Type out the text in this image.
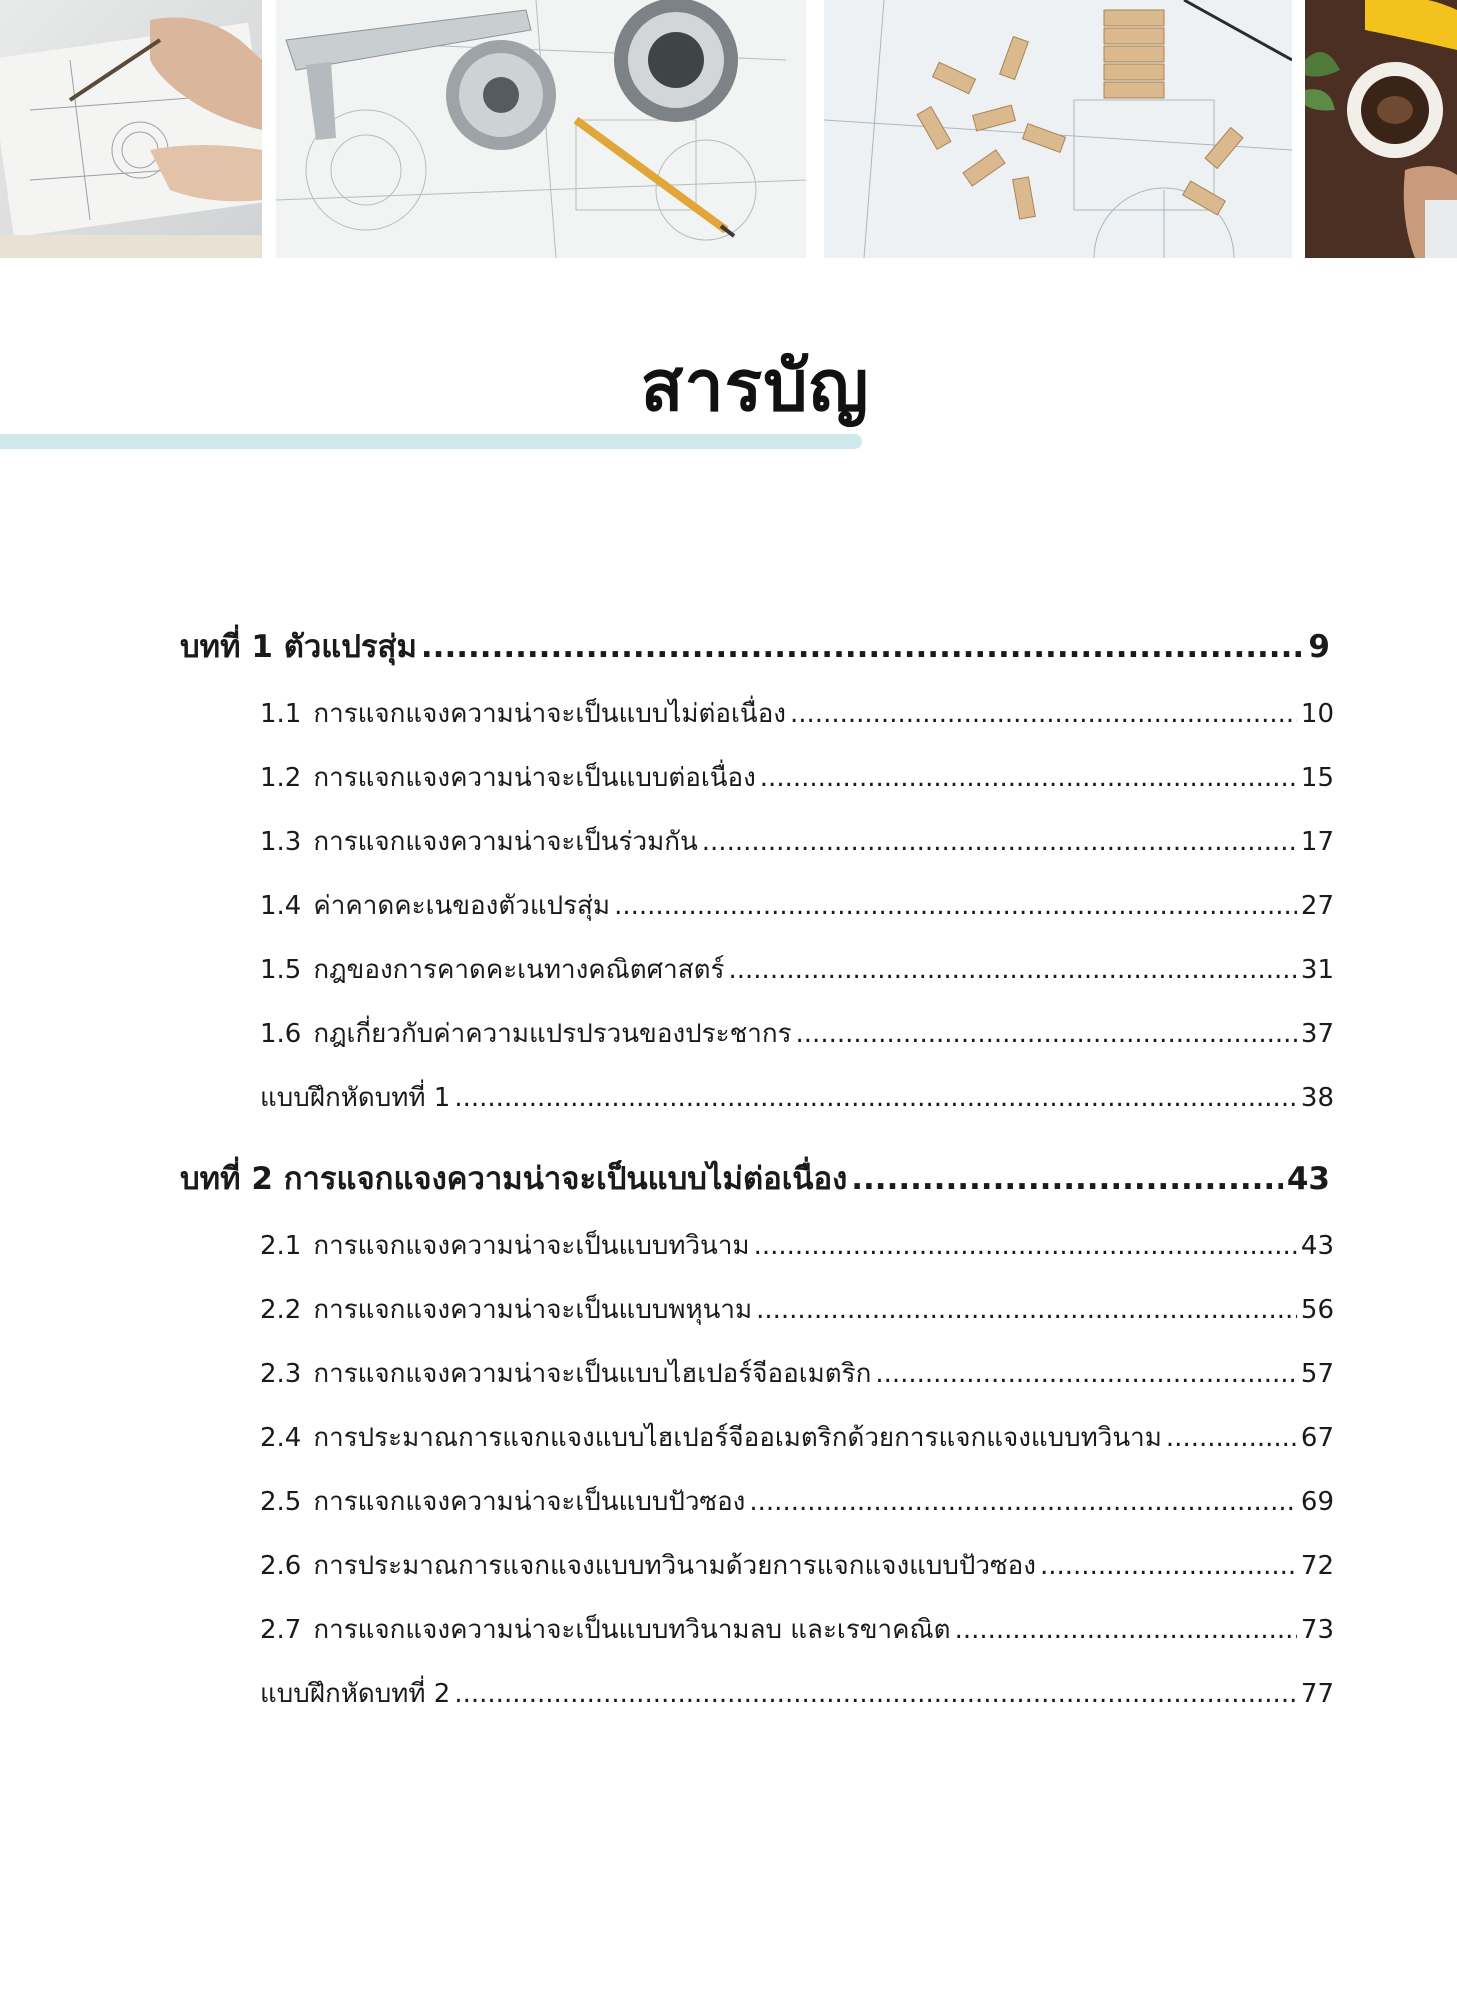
สารบัญ
บทที่ 1 ตัวแปรสุ่ม .....	9
1.1 การแจกแจงความน่าจะเป็นแบบไม่ต่อเนื่อง .....	10
1.2 การแจกแจงความน่าจะเป็นแบบต่อเนื่อง .....	15
1.3 การแจกแจงความน่าจะเป็นร่วมกัน .....	17
1.4 ค่าคาดคะเนของตัวแปรสุ่ม .....	27
1.5 กฎของการคาดคะเนทางคณิตศาสตร์ .....	31
1.6 กฎเกี่ยวกับค่าความแปรปรวนของประชากร .....	37
แบบฝึกหัดบทที่ 1 .....	38
บทที่ 2 การแจกแจงความน่าจะเป็นแบบไม่ต่อเนื่อง .....	43
2.1 การแจกแจงความน่าจะเป็นแบบทวินาม .....	43
2.2 การแจกแจงความน่าจะเป็นแบบพหุนาม .....	56
2.3 การแจกแจงความน่าจะเป็นแบบไฮเปอร์จีออเมตริก .....	57
2.4 การประมาณการแจกแจงแบบไฮเปอร์จีออเมตริกด้วยการแจกแจงแบบทวินาม .....	67
2.5 การแจกแจงความน่าจะเป็นแบบปัวซอง .....	69
2.6 การประมาณการแจกแจงแบบทวินามด้วยการแจกแจงแบบปัวซอง .....	72
2.7 การแจกแจงความน่าจะเป็นแบบทวินามลบ และเรขาคณิต .....	73
แบบฝึกหัดบทที่ 2 .....	77
